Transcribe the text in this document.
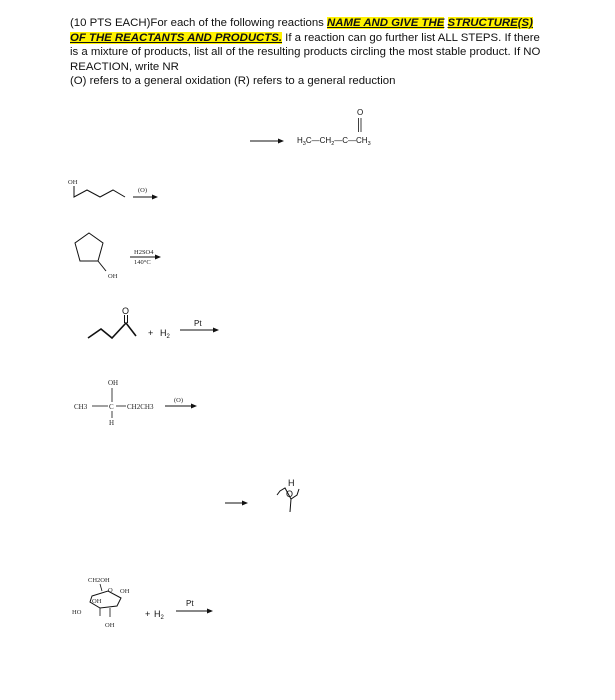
(10 PTS EACH)For each of the following reactions NAME AND GIVE THE STRUCTURE(S) OF THE REACTANTS AND PRODUCTS. If a reaction can go further list ALL STEPS. If there is a mixture of products, list all of the resulting products circling the most stable product. If NO REACTION, write NR

(O) refers to a general oxidation (R) refers to a general reduction

$H_3C—CH_2—C—CH_3$
O
OH
(O)
OH
H2SO4
140°C
O
+ $H_2$
Pt
OH
CH3	C CH2CH3
H
(O)
H
O
CH2OH
O OH
OH
HO
OH
+ $H_2$
Pt
